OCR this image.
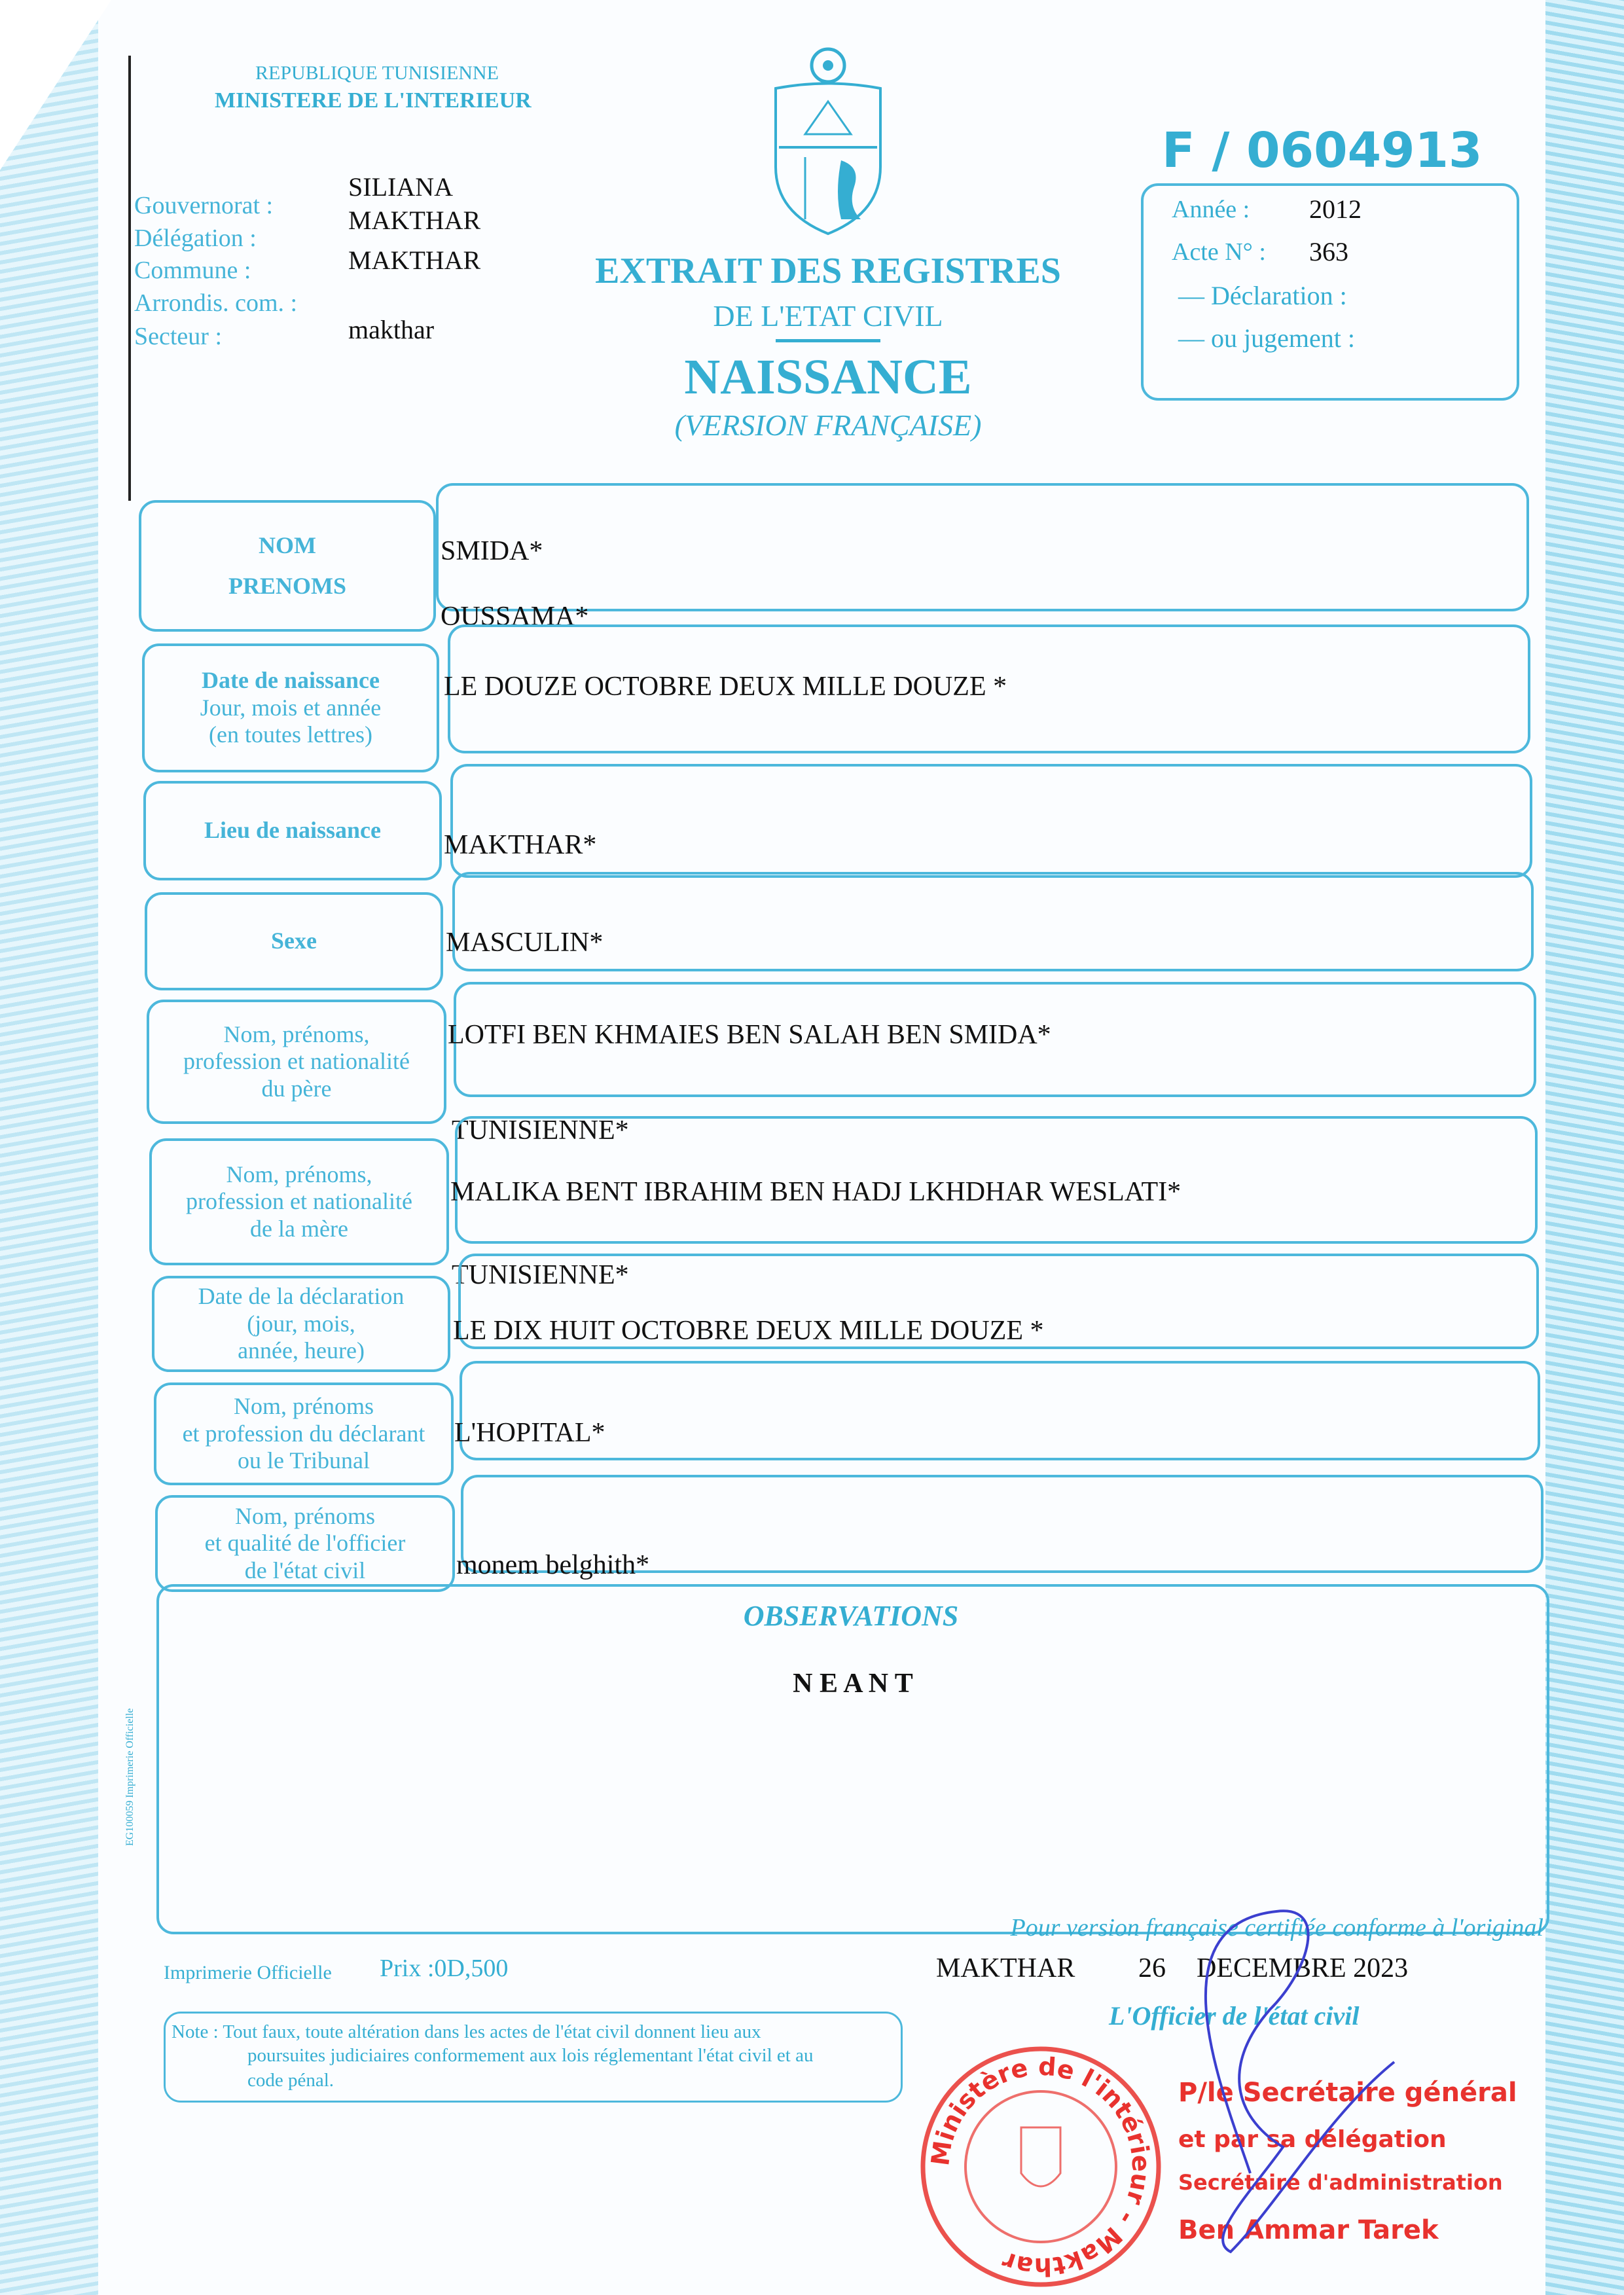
REPUBLIQUE TUNISIENNE
MINISTERE DE L'INTERIEUR
Gouvernorat :
SILIANA
Délégation :
MAKTHAR
Commune :	MAKTHAR
Arrondis. com. :
Secteur :	makthar
EXTRAIT DES REGISTRES
DE L'ETAT CIVIL
NAISSANCE
(VERSION FRANÇAISE)
F / 0604913
Année : 2012
Acte N° : 363
— Déclaration :
— ou jugement :
NOM
PRENOMS
SMIDA*
OUSSAMA*
Date de naissance
Jour, mois et année
(en toutes lettres)
LE DOUZE OCTOBRE DEUX MILLE DOUZE *
Lieu de naissance MAKTHAR*
Sexe	MASCULIN*
Nom, prénoms,
profession et nationalité
du père
LOTFI BEN KHMAIES BEN SALAH BEN SMIDA*
TUNISIENNE*
Nom, prénoms,
profession et nationalité
de la mère
MALIKA BENT IBRAHIM BEN HADJ LKHDHAR WESLATI*
TUNISIENNE*
Date de la déclaration
(jour, mois,
année, heure)
LE DIX HUIT OCTOBRE DEUX MILLE DOUZE *
Nom, prénoms
et profession du déclarant
ou le Tribunal
L'HOPITAL*
Nom, prénoms
et qualité de l'officier
de l'état civil	monem belghith*
OBSERVATIONS
N E A N T
EG100059 Imprimerie Officielle
Pour version française certifiée conforme à l'original
Imprimerie Officielle Prix :0D,500	MAKTHAR 26 DECEMBRE 2023
L'Officier de l'état civil
Note : Tout faux, toute altération dans les actes de l'état civil donnent lieu aux
poursuites judiciaires conformement aux lois réglementant l'état civil et au
code pénal.
Ministère de l'intérieur - Makthar
P/le Secrétaire général
et par sa délégation
Secrétaire d'administration
Ben Ammar Tarek
